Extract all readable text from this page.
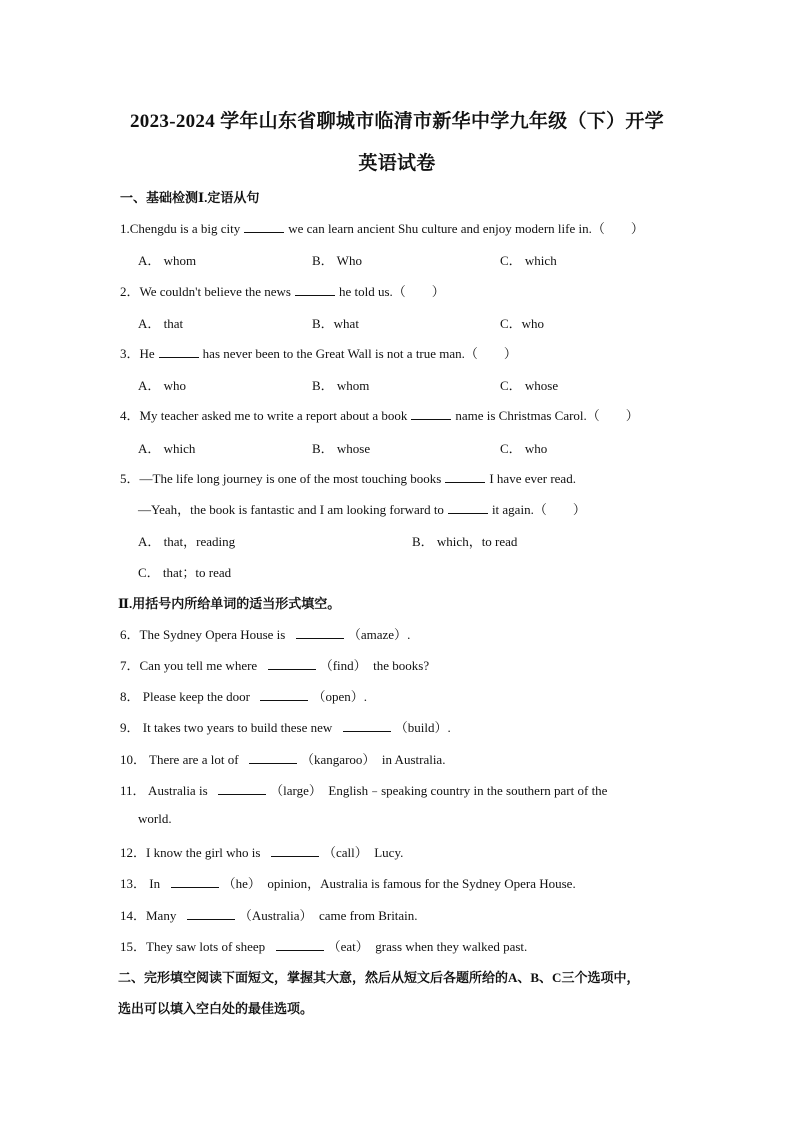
2023-2024 学年山东省聊城市临清市新华中学九年级（下）开学
英语试卷
一、基础检测Ⅰ.定语从句
1.Chengdu is a big city	we can learn ancient Shu culture and enjoy modern life in.（　　）
A． whom	B． Who	C． which
2．We couldn't believe the news	he told us.（　　）
A． that	B．what	C．who
3．He	has never been to the Great Wall is not a true man.（　　）
A． who	B． whom	C． whose
4．My teacher asked me to write a report about a book	name is Christmas Carol.（　　）
A． which	B． whose	C． who
5．—The life long journey is one of the most touching books	I have ever read.
—Yeah，the book is fantastic and I am looking forward to	it again.（　　）
A． that，reading	B． which，to read
C． that；to read
Ⅱ.用括号内所给单词的适当形式填空。
6．The Sydney Opera House is	（amaze）.
7．Can you tell me where	（find） the books?
8． Please keep the door	（open）.
9． It takes two years to build these new	（build）.
10． There are a lot of	（kangaroo） in Australia.
11． Australia is	（large） English﹣speaking country in the southern part of the
world.
12．I know the girl who is	（call） Lucy.
13． In	（he） opinion，Australia is famous for the Sydney Opera House.
14．Many	（Australia） came from Britain.
15．They saw lots of sheep	（eat） grass when they walked past.
二、完形填空阅读下面短文，掌握其大意，然后从短文后各题所给的A、B、C三个选项中，
选出可以填入空白处的最佳选项。
